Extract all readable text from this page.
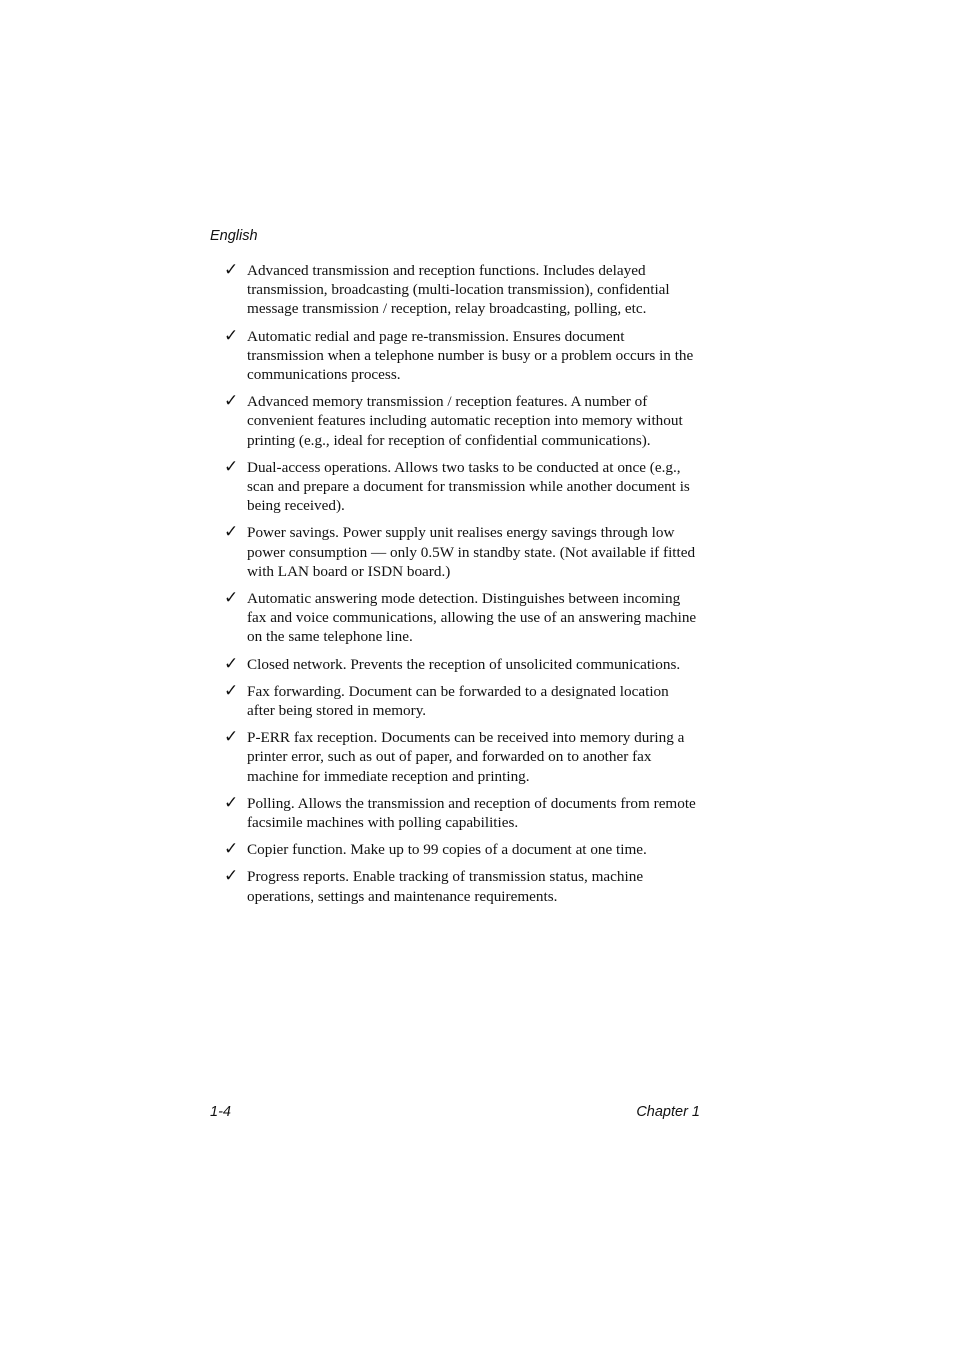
English
✓ Advanced transmission and reception functions. Includes delayed transmission, broadcasting (multi-location transmission), confidential message transmission / reception, relay broadcasting, polling, etc.
✓ Automatic redial and page re-transmission. Ensures document transmission when a telephone number is busy or a problem occurs in the communications process.
✓ Advanced memory transmission / reception features. A number of convenient features including automatic reception into memory without printing (e.g., ideal for reception of confidential communications).
✓ Dual-access operations. Allows two tasks to be conducted at once (e.g., scan and prepare a document for transmission while another document is being received).
✓ Power savings. Power supply unit realises energy savings through low power consumption — only 0.5W in standby state. (Not available if fitted with LAN board or ISDN board.)
✓ Automatic answering mode detection. Distinguishes between incoming fax and voice communications, allowing the use of an answering machine on the same telephone line.
✓ Closed network. Prevents the reception of unsolicited communications.
✓ Fax forwarding. Document can be forwarded to a designated location after being stored in memory.
✓ P-ERR fax reception. Documents can be received into memory during a printer error, such as out of paper, and forwarded on to another fax machine for immediate reception and printing.
✓ Polling. Allows the transmission and reception of documents from remote facsimile machines with polling capabilities.
✓ Copier function. Make up to 99 copies of a document at one time.
✓ Progress reports. Enable tracking of transmission status, machine operations, settings and maintenance requirements.
1-4	Chapter 1
